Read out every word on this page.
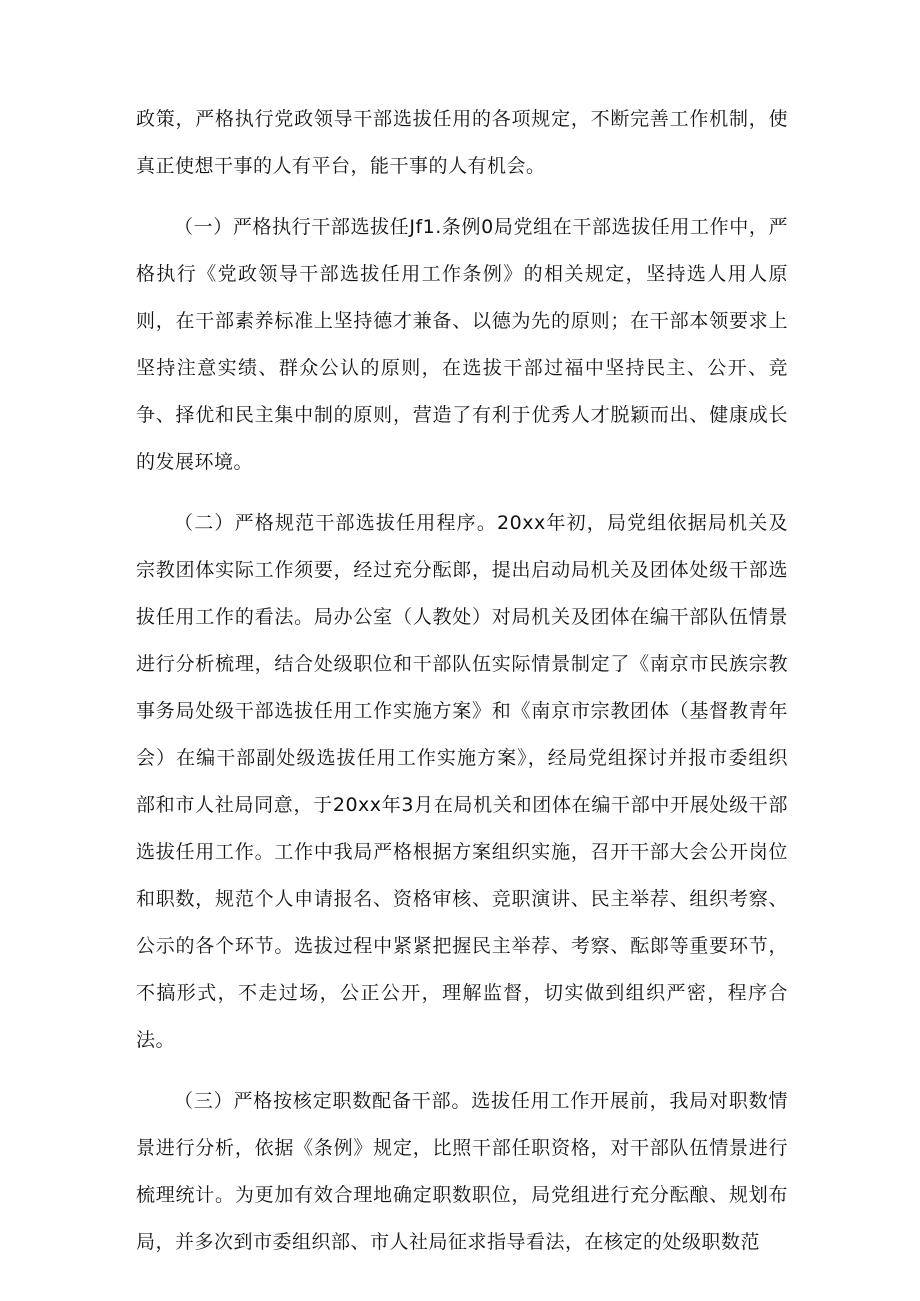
政策，严格执行党政领导干部选拔任用的各项规定，不断完善工作机制，使真正使想干事的人有平台，能干事的人有机会。

（一）严格执行干部选拔任Jf1.条例0局党组在干部选拔任用工作中，严格执行《党政领导干部选拔任用工作条例》的相关规定，坚持选人用人原则，在干部素养标准上坚持德才兼备、以德为先的原则；在干部本领要求上坚持注意实绩、群众公认的原则，在选拔干部过福中坚持民主、公开、竞争、择优和民主集中制的原则，营造了有利于优秀人才脱颖而出、健康成长的发展环境。

（二）严格规范干部选拔任用程序。20xx年初，局党组依据局机关及宗教团体实际工作须要，经过充分酝郞，提出启动局机关及团体处级干部选拔任用工作的看法。局办公室（人教处）对局机关及团体在编干部队伍情景进行分析梳理，结合处级职位和干部队伍实际情景制定了《南京市民族宗教事务局处级干部选拔任用工作实施方案》和《南京市宗教团体（基督教青年会）在编干部副处级选拔任用工作实施方案》，经局党组探讨并报市委组织部和市人社局同意，于20xx年3月在局机关和团体在编干部中开展处级干部选拔任用工作。工作中我局严格根据方案组织实施，召开干部大会公开岗位和职数，规范个人申请报名、资格审核、竞职演讲、民主举荐、组织考察、公示的各个环节。选拔过程中紧紧把握民主举荐、考察、酝郞等重要环节，不搞形式，不走过场，公正公开，理解监督，切实做到组织严密，程序合法。

（三）严格按核定职数配备干部。选拔任用工作开展前，我局对职数情景进行分析，依据《条例》规定，比照干部任职资格，对干部队伍情景进行梳理统计。为更加有效合理地确定职数职位，局党组进行充分酝酿、规划布局，并多次到市委组织部、市人社局征求指导看法，在核定的处级职数范
